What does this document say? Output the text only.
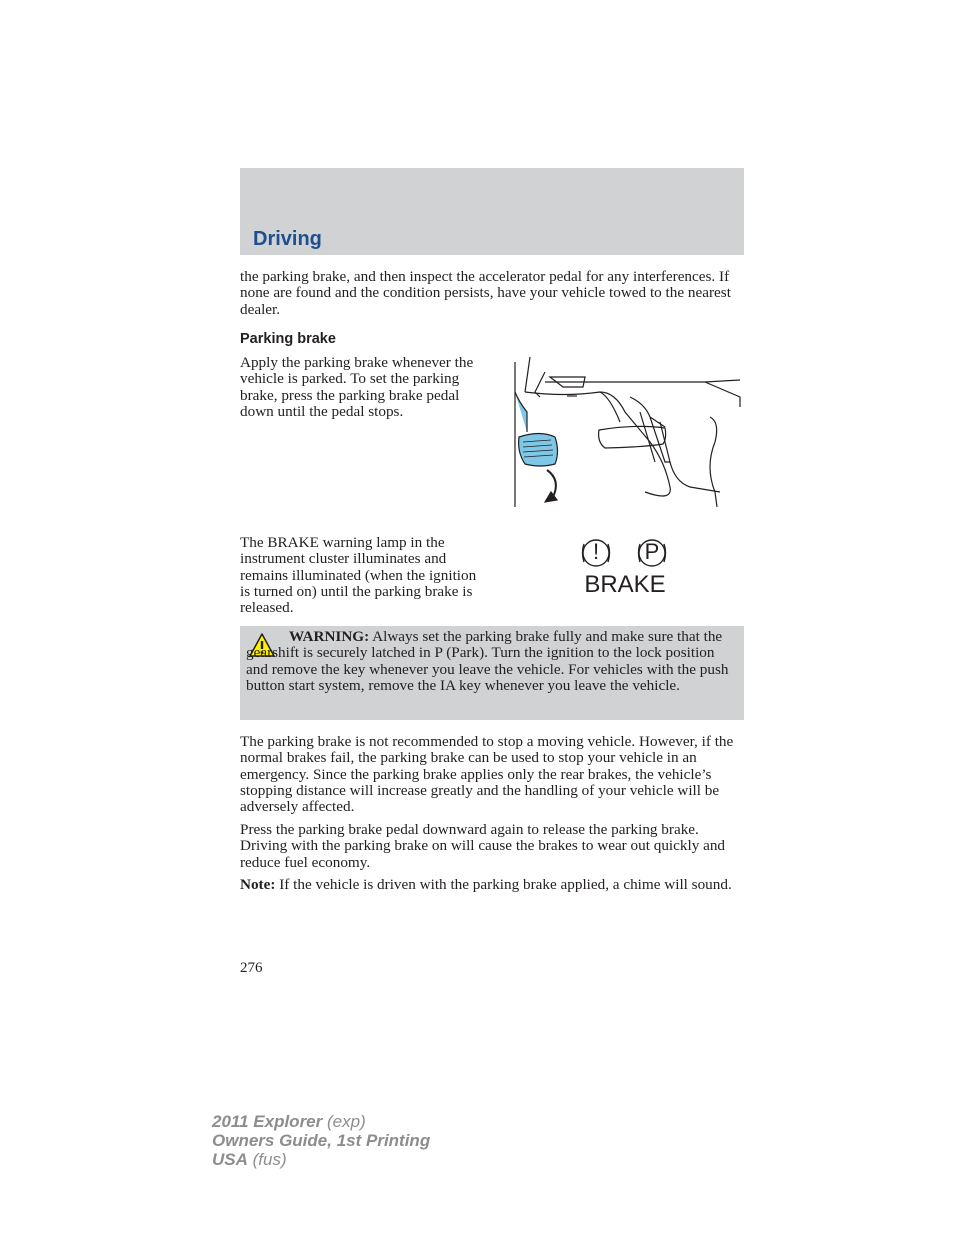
Driving

the parking brake, and then inspect the accelerator pedal for any interferences. If none are found and the condition persists, have your vehicle towed to the nearest dealer.

Parking brake

Apply the parking brake whenever the vehicle is parked. To set the parking brake, press the parking brake pedal down until the pedal stops.

The BRAKE warning lamp in the instrument cluster illuminates and remains illuminated (when the ignition is turned on) until the parking brake is released.

!	P
BRAKE

WARNING: Always set the parking brake fully and make sure that the gearshift is securely latched in P (Park). Turn the ignition to the lock position and remove the key whenever you leave the vehicle. For vehicles with the push button start system, remove the IA key whenever you leave the vehicle.

The parking brake is not recommended to stop a moving vehicle. However, if the normal brakes fail, the parking brake can be used to stop your vehicle in an emergency. Since the parking brake applies only the rear brakes, the vehicle’s stopping distance will increase greatly and the handling of your vehicle will be adversely affected.

Press the parking brake pedal downward again to release the parking brake. Driving with the parking brake on will cause the brakes to wear out quickly and reduce fuel economy.

Note: If the vehicle is driven with the parking brake applied, a chime will sound.

276
2011 Explorer (exp)
Owners Guide, 1st Printing
USA (fus)
